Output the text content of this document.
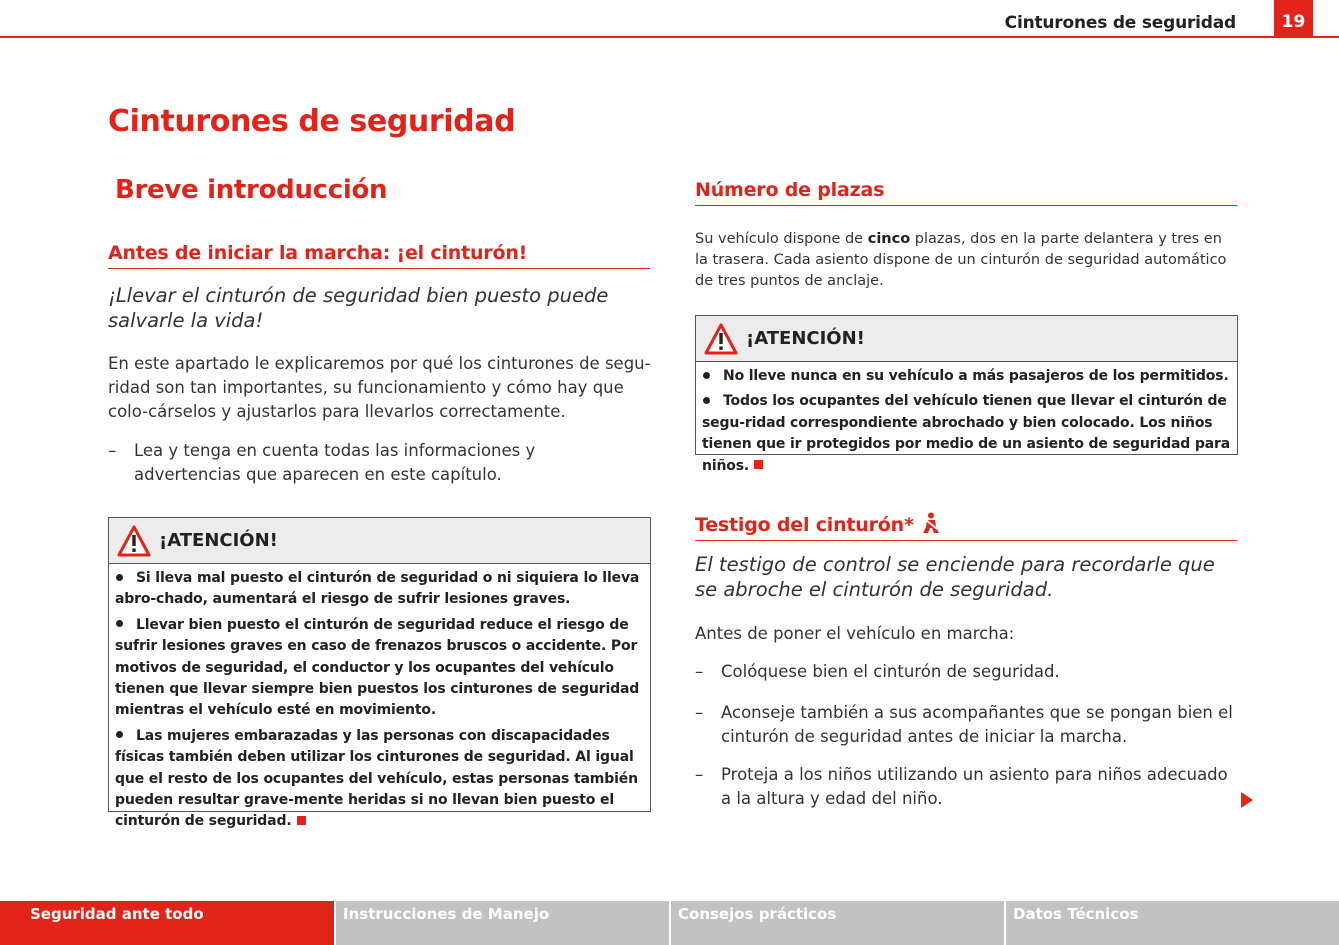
Cinturones de seguridad	19
Cinturones de seguridad
Breve introducción
Antes de iniciar la marcha: ¡el cinturón!
¡Llevar el cinturón de seguridad bien puesto puede salvarle la vida!
En este apartado le explicaremos por qué los cinturones de segu-ridad son tan importantes, su funcionamiento y cómo hay que colo-cárselos y ajustarlos para llevarlos correctamente.
– Lea y tenga en cuenta todas las informaciones y advertencias que aparecen en este capítulo.
¡ATENCIÓN!
Si lleva mal puesto el cinturón de seguridad o ni siquiera lo lleva abro-chado, aumentará el riesgo de sufrir lesiones graves.
Llevar bien puesto el cinturón de seguridad reduce el riesgo de sufrir lesiones graves en caso de frenazos bruscos o accidente. Por motivos de seguridad, el conductor y los ocupantes del vehículo tienen que llevar siempre bien puestos los cinturones de seguridad mientras el vehículo esté en movimiento.
Las mujeres embarazadas y las personas con discapacidades físicas también deben utilizar los cinturones de seguridad. Al igual que el resto de los ocupantes del vehículo, estas personas también pueden resultar grave-mente heridas si no llevan bien puesto el cinturón de seguridad.
Número de plazas
Su vehículo dispone de cinco plazas, dos en la parte delantera y tres en la trasera. Cada asiento dispone de un cinturón de seguridad automático de tres puntos de anclaje.
¡ATENCIÓN!
No lleve nunca en su vehículo a más pasajeros de los permitidos.
Todos los ocupantes del vehículo tienen que llevar el cinturón de segu-ridad correspondiente abrochado y bien colocado. Los niños tienen que ir protegidos por medio de un asiento de seguridad para niños.
Testigo del cinturón*
El testigo de control se enciende para recordarle que se abroche el cinturón de seguridad.
Antes de poner el vehículo en marcha:
– Colóquese bien el cinturón de seguridad.
– Aconseje también a sus acompañantes que se pongan bien el cinturón de seguridad antes de iniciar la marcha.
– Proteja a los niños utilizando un asiento para niños adecuado a la altura y edad del niño.
Seguridad ante todo	Instrucciones de Manejo	Consejos prácticos	Datos Técnicos
